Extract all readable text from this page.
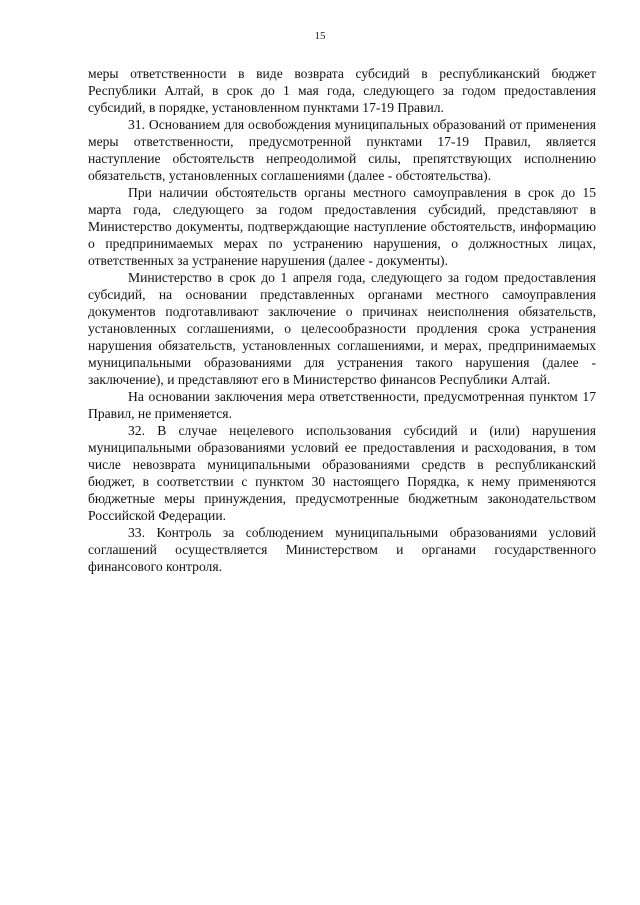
15

меры ответственности в виде возврата субсидий в республиканский бюджет Республики Алтай, в срок до 1 мая года, следующего за годом предоставления субсидий, в порядке, установленном пунктами 17-19 Правил.

31. Основанием для освобождения муниципальных образований от применения меры ответственности, предусмотренной пунктами 17-19 Правил, является наступление обстоятельств непреодолимой силы, препятствующих исполнению обязательств, установленных соглашениями (далее - обстоятельства).

При наличии обстоятельств органы местного самоуправления в срок до 15 марта года, следующего за годом предоставления субсидий, представляют в Министерство документы, подтверждающие наступление обстоятельств, информацию о предпринимаемых мерах по устранению нарушения, о должностных лицах, ответственных за устранение нарушения (далее - документы).

Министерство в срок до 1 апреля года, следующего за годом предоставления субсидий, на основании представленных органами местного самоуправления документов подготавливают заключение о причинах неисполнения обязательств, установленных соглашениями, о целесообразности продления срока устранения нарушения обязательств, установленных соглашениями, и мерах, предпринимаемых муниципальными образованиями для устранения такого нарушения (далее - заключение), и представляют его в Министерство финансов Республики Алтай.

На основании заключения мера ответственности, предусмотренная пунктом 17 Правил, не применяется.

32. В случае нецелевого использования субсидий и (или) нарушения муниципальными образованиями условий ее предоставления и расходования, в том числе невозврата муниципальными образованиями средств в республиканский бюджет, в соответствии с пунктом 30 настоящего Порядка, к нему применяются бюджетные меры принуждения, предусмотренные бюджетным законодательством Российской Федерации.

33. Контроль за соблюдением муниципальными образованиями условий соглашений осуществляется Министерством и органами государственного финансового контроля.
